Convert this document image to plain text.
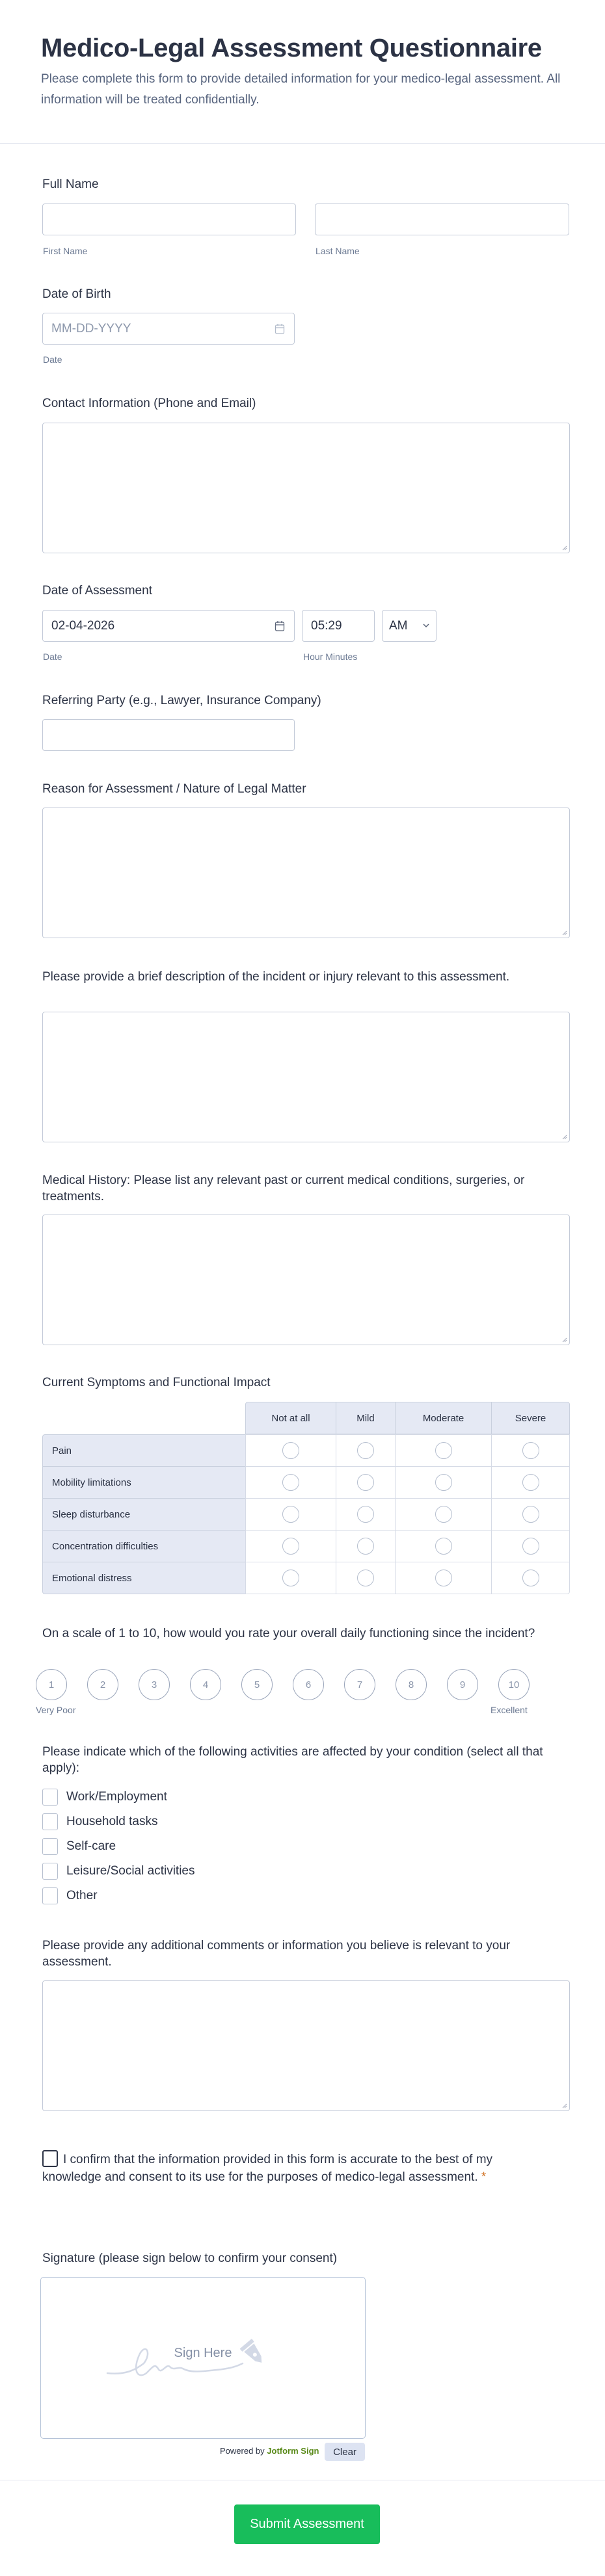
Medico-Legal Assessment Questionnaire
Please complete this form to provide detailed information for your medico-legal assessment. All information will be treated confidentially.
Full Name
First Name	Last Name
Date of Birth
MM-DD-YYYY
Date
Contact Information (Phone and Email)
Date of Assessment
02-04-2026	05:29	AM
Date	Hour Minutes
Referring Party (e.g., Lawyer, Insurance Company)
Reason for Assessment / Nature of Legal Matter
Please provide a brief description of the incident or injury relevant to this assessment.
Medical History: Please list any relevant past or current medical conditions, surgeries, or treatments.
Current Symptoms and Functional Impact
Not at all	Mild	Moderate	Severe
Pain
Mobility limitations
Sleep disturbance
Concentration difficulties
Emotional distress
On a scale of 1 to 10, how would you rate your overall daily functioning since the incident?
1	2	3	4	5	6	7	8	9	10
Very Poor	Excellent
Please indicate which of the following activities are affected by your condition (select all that apply):
Work/Employment
Household tasks
Self-care
Leisure/Social activities
Other
Please provide any additional comments or information you believe is relevant to your assessment.
I confirm that the information provided in this form is accurate to the best of my knowledge and consent to its use for the purposes of medico-legal assessment. *
Signature (please sign below to confirm your consent)
Sign Here
Powered by Jotform Sign	Clear
Submit Assessment
